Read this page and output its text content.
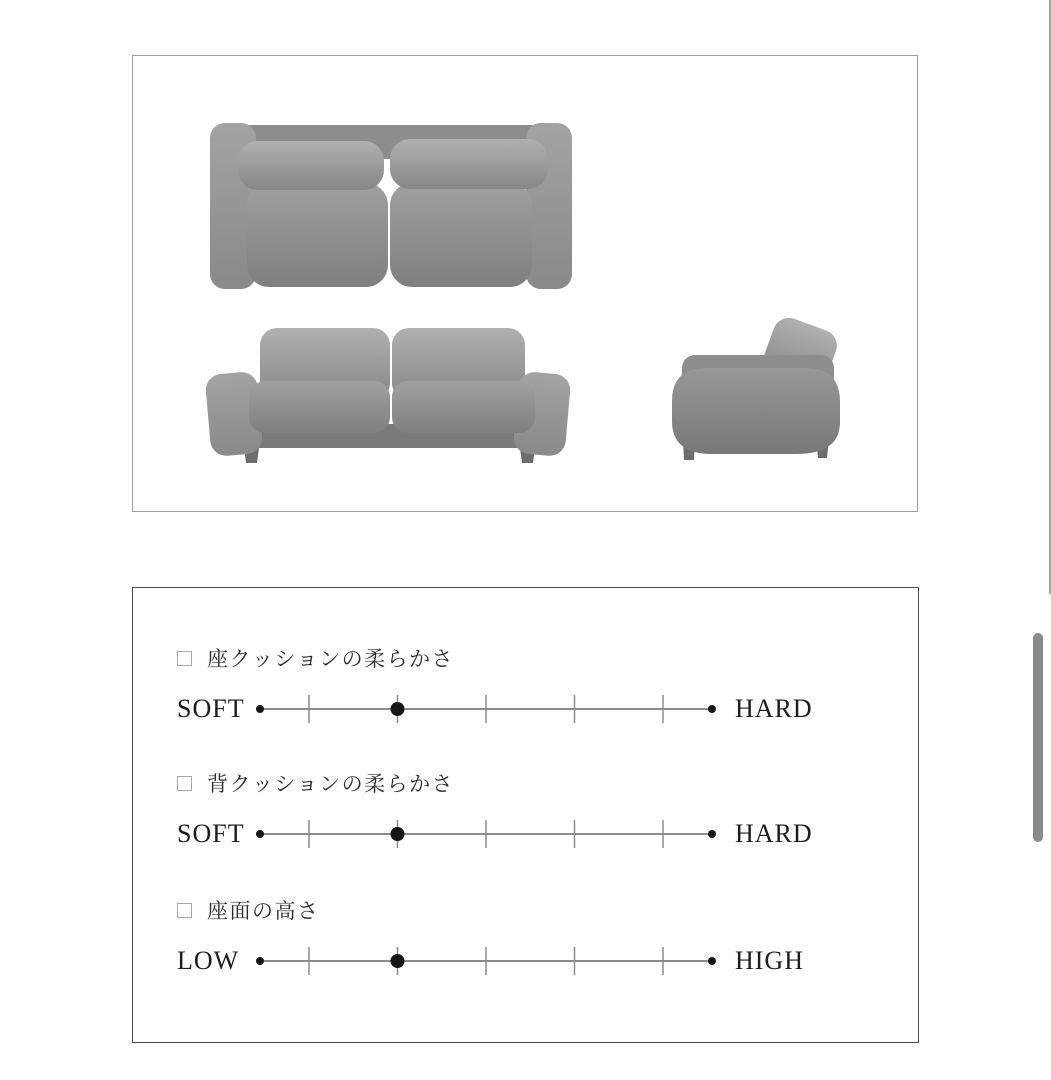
座クッションの柔らかさ
SOFT	HARD
背クッションの柔らかさ
SOFT	HARD
座面の高さ
LOW	HIGH
